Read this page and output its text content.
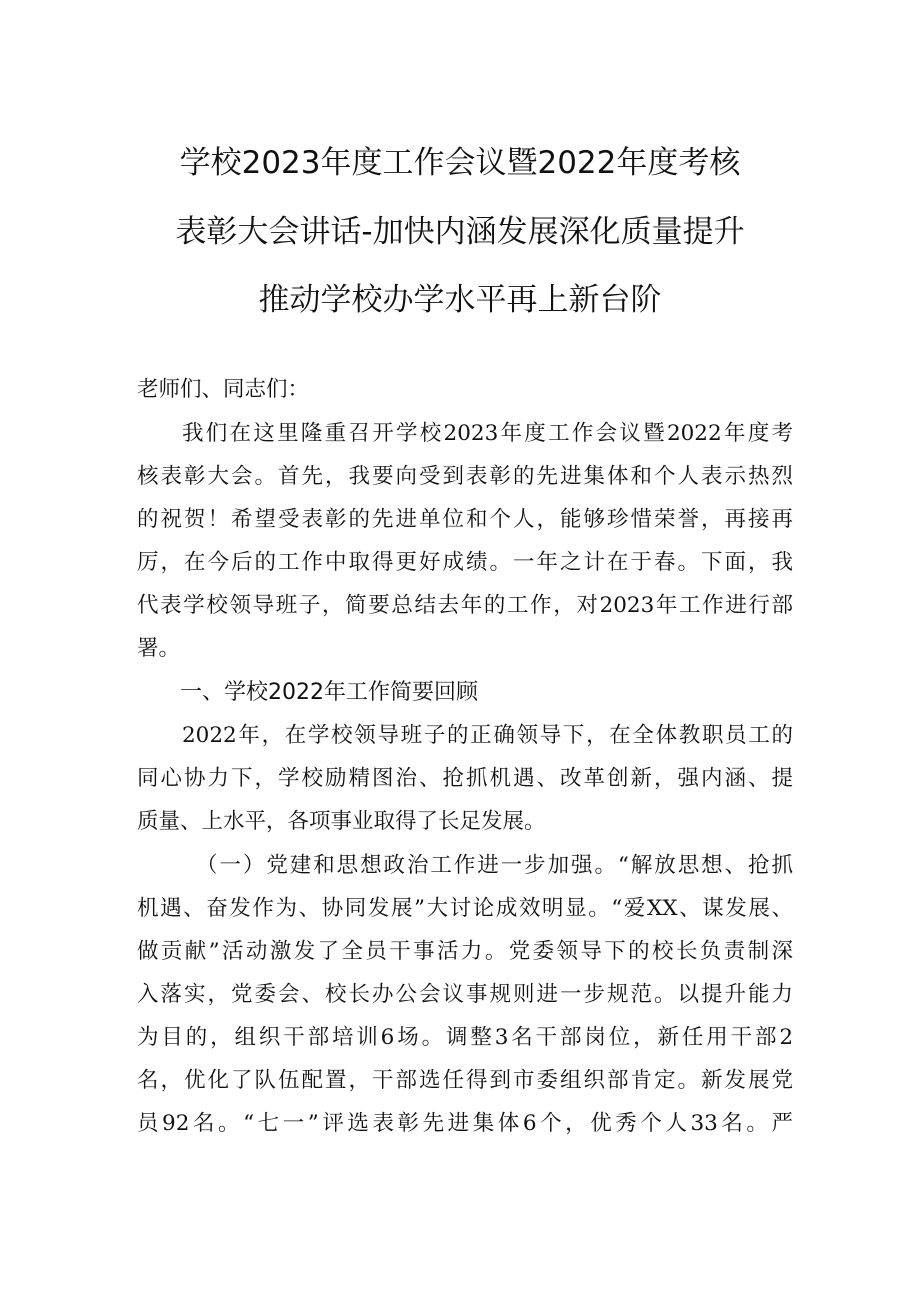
学校2023年度工作会议暨2022年度考核
表彰大会讲话-加快内涵发展深化质量提升
推动学校办学水平再上新台阶
老师们、同志们：
我们在这里隆重召开学校2023年度工作会议暨2022年度考
核表彰大会。首先，我要向受到表彰的先进集体和个人表示热烈
的祝贺！希望受表彰的先进单位和个人，能够珍惜荣誉，再接再
厉，在今后的工作中取得更好成绩。一年之计在于春。下面，我
代表学校领导班子，简要总结去年的工作，对2023年工作进行部
署。
一、学校2022年工作简要回顾
2022年，在学校领导班子的正确领导下，在全体教职员工的
同心协力下，学校励精图治、抢抓机遇、改革创新，强内涵、提
质量、上水平，各项事业取得了长足发展。
（一）党建和思想政治工作进一步加强。“解放思想、抢抓
机遇、奋发作为、协同发展”大讨论成效明显。“爱XX、谋发展、
做贡献”活动激发了全员干事活力。党委领导下的校长负责制深
入落实，党委会、校长办公会议事规则进一步规范。以提升能力
为目的，组织干部培训6场。调整3名干部岗位，新任用干部2
名，优化了队伍配置，干部选任得到市委组织部肯定。新发展党
员92名。“七一”评选表彰先进集体6个，优秀个人33名。严
